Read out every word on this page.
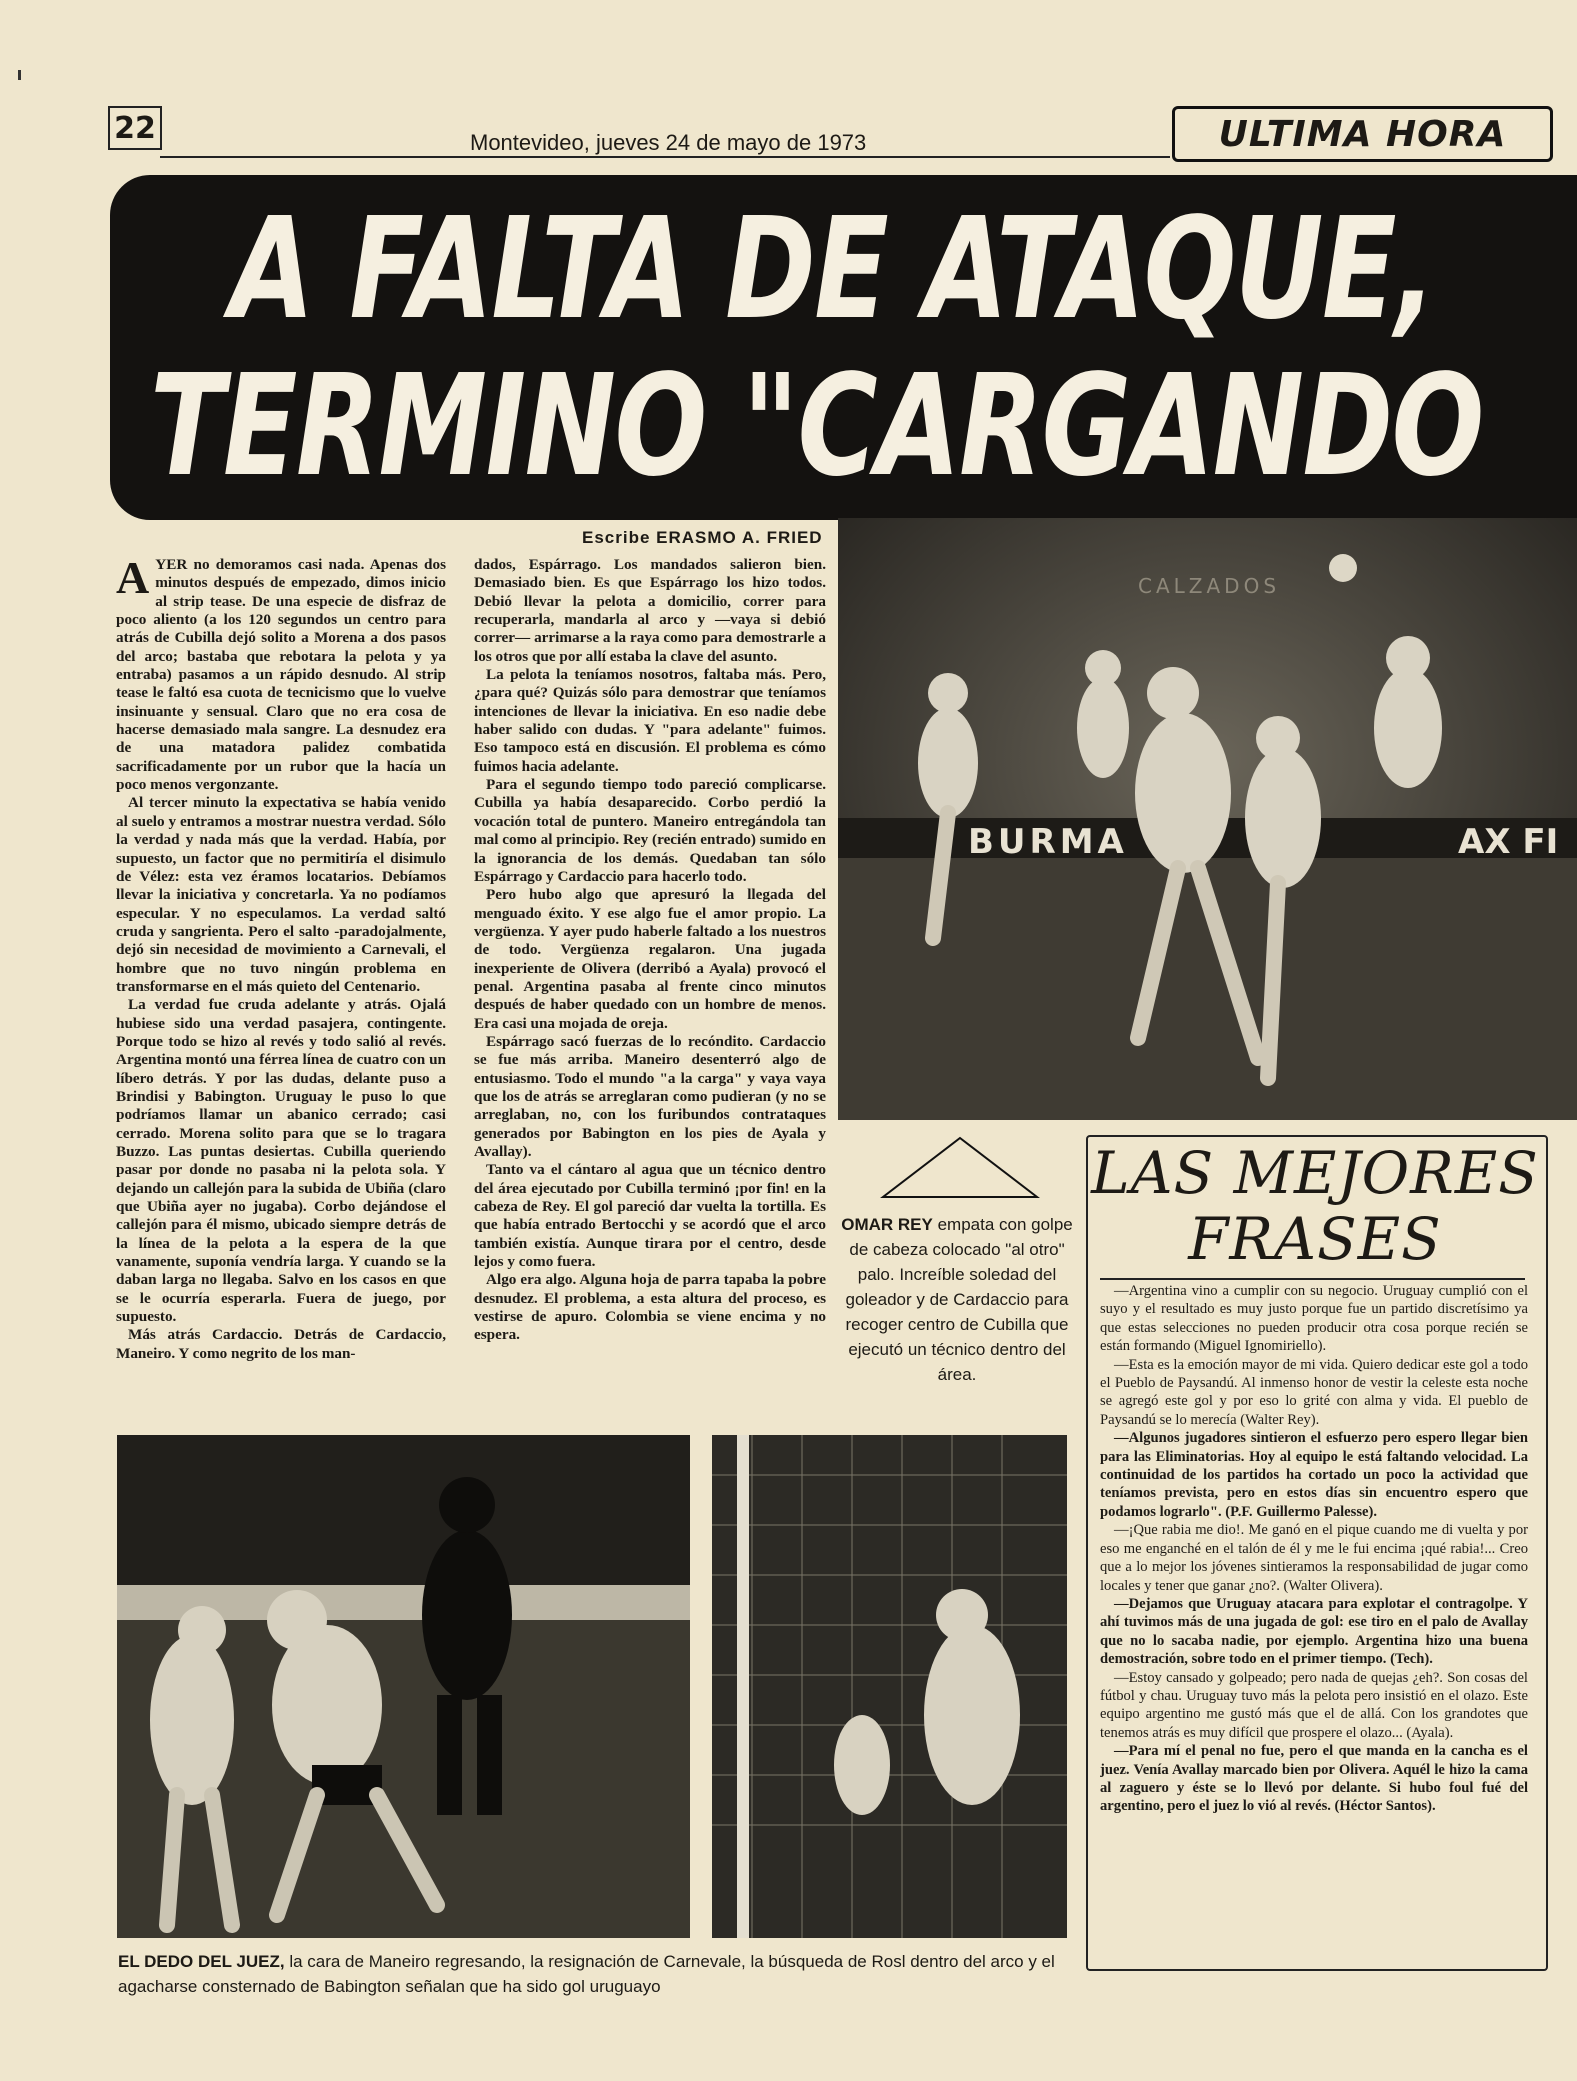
22	Montevideo, jueves 24 de mayo de 1973	ULTIMA HORA
A FALTA DE ATAQUE,
TERMINO "CARGANDO
Escribe ERASMO A. FRIED

AYER no demoramos casi nada. Apenas dos minutos después de empezado, dimos inicio al strip tease. De una especie de disfraz de poco aliento (a los 120 segundos un centro para atrás de Cubilla dejó solito a Morena a dos pasos del arco; bastaba que rebotara la pelota y ya entraba) pasamos a un rápido desnudo. Al strip tease le faltó esa cuota de tecnicismo que lo vuelve insinuante y sensual. Claro que no era cosa de hacerse demasiado mala sangre. La desnudez era de una matadora palidez combatida sacrificadamente por un rubor que la hacía un poco menos vergonzante.

Al tercer minuto la expectativa se había venido al suelo y entramos a mostrar nuestra verdad. Sólo la verdad y nada más que la verdad. Había, por supuesto, un factor que no permitiría el disimulo de Vélez: esta vez éramos locatarios. Debíamos llevar la iniciativa y concretarla. Ya no podíamos especular. Y no especulamos. La verdad saltó cruda y sangrienta. Pero el salto -paradojalmente, dejó sin necesidad de movimiento a Carnevali, el hombre que no tuvo ningún problema en transformarse en el más quieto del Centenario.

La verdad fue cruda adelante y atrás. Ojalá hubiese sido una verdad pasajera, contingente. Porque todo se hizo al revés y todo salió al revés. Argentina montó una férrea línea de cuatro con un líbero detrás. Y por las dudas, delante puso a Brindisi y Babington. Uruguay le puso lo que podríamos llamar un abanico cerrado; casi cerrado. Morena solito para que se lo tragara Buzzo. Las puntas desiertas. Cubilla queriendo pasar por donde no pasaba ni la pelota sola. Y dejando un callejón para la subida de Ubiña (claro que Ubiña ayer no jugaba). Corbo dejándose el callejón para él mismo, ubicado siempre detrás de la línea de la pelota a la espera de la que vanamente, suponía vendría larga. Y cuando se la daban larga no llegaba. Salvo en los casos en que se le ocurría esperarla. Fuera de juego, por supuesto.

Más atrás Cardaccio. Detrás de Cardaccio, Maneiro. Y como negrito de los man-

dados, Espárrago. Los mandados salieron bien. Demasiado bien. Es que Espárrago los hizo todos. Debió llevar la pelota a domicilio, correr para recuperarla, mandarla al arco y —vaya si debió correr— arrimarse a la raya como para demostrarle a los otros que por allí estaba la clave del asunto.

La pelota la teníamos nosotros, faltaba más. Pero, ¿para qué? Quizás sólo para demostrar que teníamos intenciones de llevar la iniciativa. En eso nadie debe haber salido con dudas. Y "para adelante" fuimos. Eso tampoco está en discusión. El problema es cómo fuimos hacia adelante.

Para el segundo tiempo todo pareció complicarse. Cubilla ya había desaparecido. Corbo perdió la vocación total de puntero. Maneiro entregándola tan mal como al principio. Rey (recién entrado) sumido en la ignorancia de los demás. Quedaban tan sólo Espárrago y Cardaccio para hacerlo todo.

Pero hubo algo que apresuró la llegada del menguado éxito. Y ese algo fue el amor propio. La vergüenza. Y ayer pudo haberle faltado a los nuestros de todo. Vergüenza regalaron. Una jugada inexperiente de Olivera (derribó a Ayala) provocó el penal. Argentina pasaba al frente cinco minutos después de haber quedado con un hombre de menos. Era casi una mojada de oreja.

Espárrago sacó fuerzas de lo recóndito. Cardaccio se fue más arriba. Maneiro desenterró algo de entusiasmo. Todo el mundo "a la carga" y vaya vaya que los de atrás se arreglaran como pudieran (y no se arreglaban, no, con los furibundos contrataques generados por Babington en los pies de Ayala y Avallay).

Tanto va el cántaro al agua que un técnico dentro del área ejecutado por Cubilla terminó ¡por fin! en la cabeza de Rey. El gol pareció dar vuelta la tortilla. Es que había entrado Bertocchi y se acordó que el arco también existía. Aunque tirara por el centro, desde lejos y como fuera.

Algo era algo. Alguna hoja de parra tapaba la pobre desnudez. El problema, a esta altura del proceso, es vestirse de apuro. Colombia se viene encima y no espera.

BURMA	AX FI
CALZADOS
OMAR REY empata con golpe de cabeza colocado "al otro" palo. Increíble soledad del goleador y de Cardaccio para recoger centro de Cubilla que ejecutó un técnico dentro del área.
EL DEDO DEL JUEZ, la cara de Maneiro regresando, la resignación de Carnevale, la búsqueda de Rosl dentro del arco y el agacharse consternado de Babington señalan que ha sido gol uruguayo
LAS MEJORES
FRASES

—Argentina vino a cumplir con su negocio. Uruguay cumplió con el suyo y el resultado es muy justo porque fue un partido discretísimo ya que estas selecciones no pueden producir otra cosa porque recién se están formando (Miguel Ignomiriello).

—Esta es la emoción mayor de mi vida. Quiero dedicar este gol a todo el Pueblo de Paysandú. Al inmenso honor de vestir la celeste esta noche se agregó este gol y por eso lo grité con alma y vida. El pueblo de Paysandú se lo merecía (Walter Rey).

—Algunos jugadores sintieron el esfuerzo pero espero llegar bien para las Eliminatorias. Hoy al equipo le está faltando velocidad. La continuidad de los partidos ha cortado un poco la actividad que teníamos prevista, pero en estos días sin encuentro espero que podamos lograrlo". (P.F. Guillermo Palesse).

—¡Que rabia me dio!. Me ganó en el pique cuando me di vuelta y por eso me enganché en el talón de él y me le fui encima ¡qué rabia!... Creo que a lo mejor los jóvenes sintieramos la responsabilidad de jugar como locales y tener que ganar ¿no?. (Walter Olivera).

—Dejamos que Uruguay atacara para explotar el contragolpe. Y ahí tuvimos más de una jugada de gol: ese tiro en el palo de Avallay que no lo sacaba nadie, por ejemplo. Argentina hizo una buena demostración, sobre todo en el primer tiempo. (Tech).

—Estoy cansado y golpeado; pero nada de quejas ¿eh?. Son cosas del fútbol y chau. Uruguay tuvo más la pelota pero insistió en el olazo. Este equipo argentino me gustó más que el de allá. Con los grandotes que tenemos atrás es muy difícil que prospere el olazo... (Ayala).

—Para mí el penal no fue, pero el que manda en la cancha es el juez. Venía Avallay marcado bien por Olivera. Aquél le hizo la cama al zaguero y éste se lo llevó por delante. Si hubo foul fué del argentino, pero el juez lo vió al revés. (Héctor Santos).
